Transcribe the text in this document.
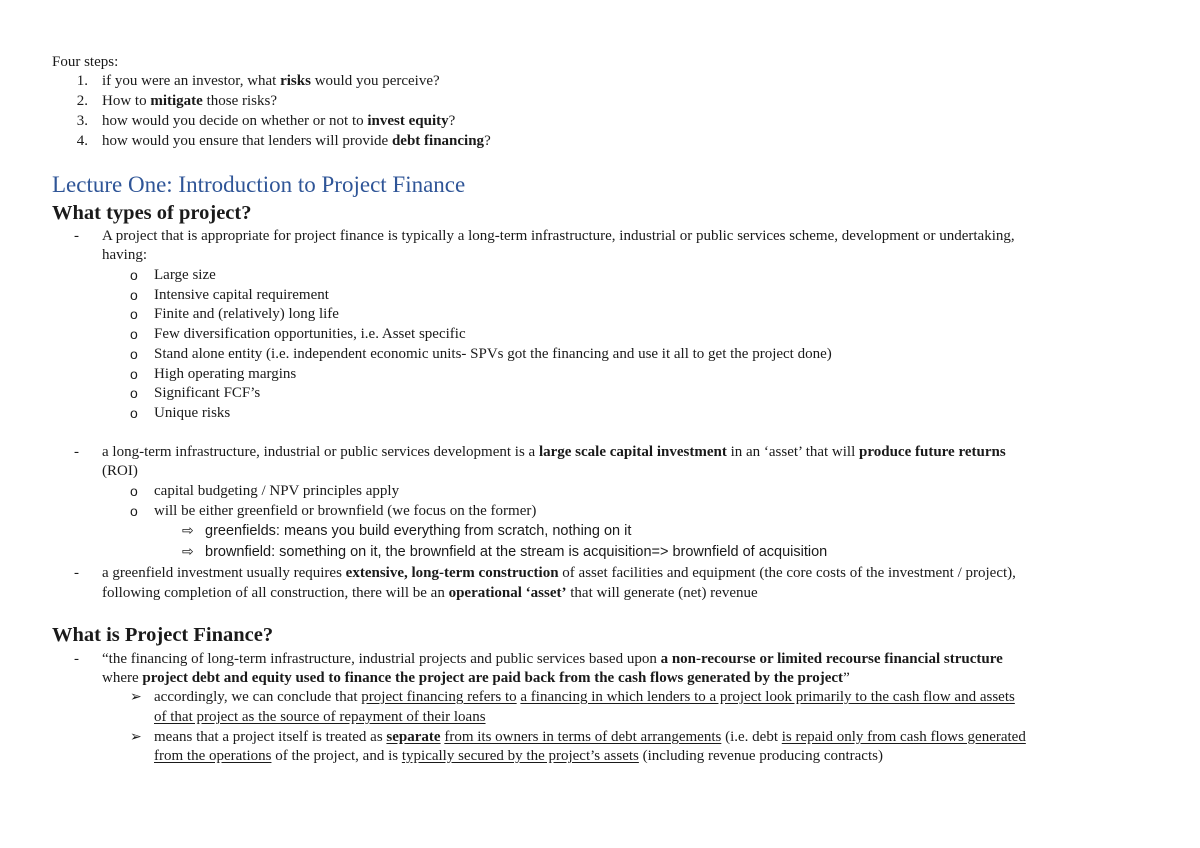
Four steps:
1. if you were an investor, what risks would you perceive?
2. How to mitigate those risks?
3. how would you decide on whether or not to invest equity?
4. how would you ensure that lenders will provide debt financing?
Lecture One: Introduction to Project Finance
What types of project?
- A project that is appropriate for project finance is typically a long-term infrastructure, industrial or public services scheme, development or undertaking,
having:
o Large size
o Intensive capital requirement
o Finite and (relatively) long life
o Few diversification opportunities, i.e. Asset specific
o Stand alone entity (i.e. independent economic units- SPVs got the financing and use it all to get the project done)
o High operating margins
o Significant FCF’s
o Unique risks
- a long-term infrastructure, industrial or public services development is a large scale capital investment in an ‘asset’ that will produce future returns
(ROI)
o capital budgeting / NPV principles apply
o will be either greenfield or brownfield (we focus on the former)
⇨ greenfields: means you build everything from scratch, nothing on it
⇨ brownfield: something on it, the brownfield at the stream is acquisition=> brownfield of acquisition
- a greenfield investment usually requires extensive, long-term construction of asset facilities and equipment (the core costs of the investment / project),
following completion of all construction, there will be an operational ‘asset’ that will generate (net) revenue
What is Project Finance?
- “the financing of long-term infrastructure, industrial projects and public services based upon a non-recourse or limited recourse financial structure
where project debt and equity used to finance the project are paid back from the cash flows generated by the project”
➢ accordingly, we can conclude that project financing refers to a financing in which lenders to a project look primarily to the cash flow and assets
of that project as the source of repayment of their loans
➢ means that a project itself is treated as separate from its owners in terms of debt arrangements (i.e. debt is repaid only from cash flows generated
from the operations of the project, and is typically secured by the project’s assets (including revenue producing contracts)
